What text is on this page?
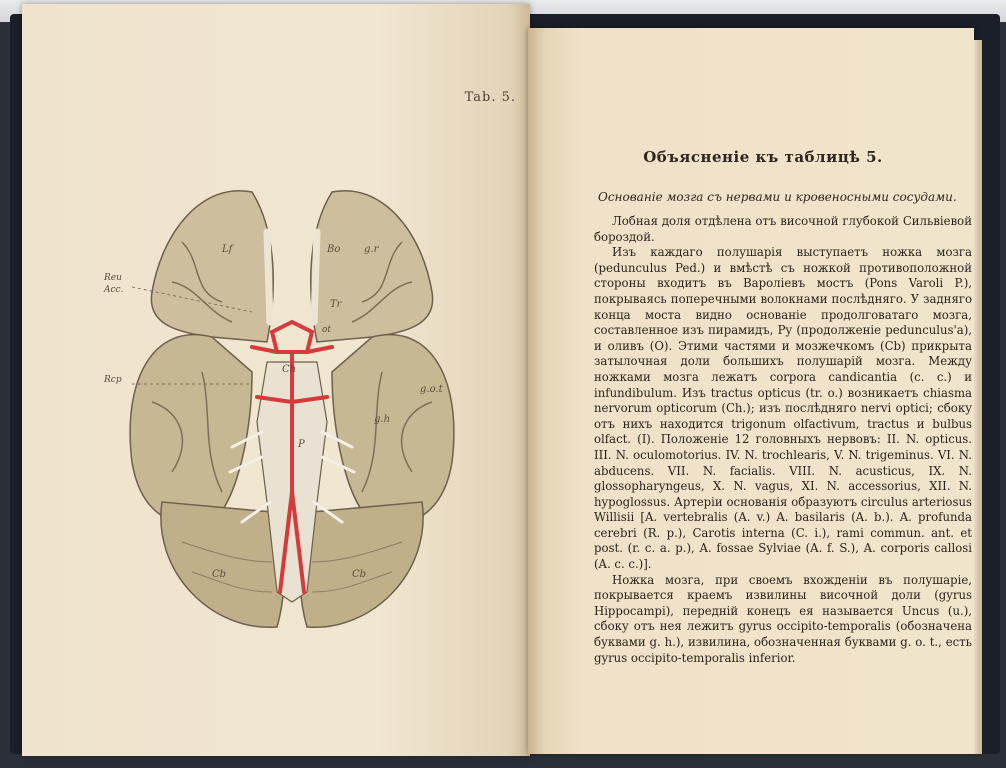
Tab. 5.
Lf	Bo g.r
Tr
ot
Ch
P
g.h
g.o.t
Cb	Cb
Reu
Acc.
Rcp
Объясненіе къ таблицѣ 5.
Основаніе мозга съ нервами и кровеносными сосудами.

Лобная доля отдѣлена отъ височной глубокой Сильвіевой бороздой.

Изъ каждаго полушарія выступаетъ ножка мозга (pedunculus Ped.) и вмѣстѣ съ ножкой противоположной стороны входитъ въ Варолiевъ мостъ (Pons Varoli P.), покрываясь поперечными волокнами послѣдняго. У задняго конца моста видно основаніе продолговатаго мозга, составленное изъ пирамидъ, Py (продолженіе pedunculus'a), и оливъ (O). Этими частями и мозжечкомъ (Cb) прикрыта затылочная доли большихъ полушарій мозга. Между ножками мозга лежатъ corpora candicantia (c. c.) и infundibulum. Изъ tractus opticus (tr. o.) возникаетъ chiasma nervorum opticorum (Ch.); изъ послѣдняго nervi optici; сбоку отъ нихъ находится trigonum olfactivum, tractus и bulbus olfact. (I). Положеніе 12 головныхъ нервовъ: II. N. opticus. III. N. oculomotorius. IV. N. trochlearis, V. N. trigeminus. VI. N. abducens. VII. N. facialis. VIII. N. acusticus, IX. N. glossopharyngeus, X. N. vagus, XI. N. accessorius, XII. N. hypoglossus. Артеріи основанія образуютъ circulus arteriosus Willisii [A. vertebralis (A. v.) A. basilaris (A. b.). A. profunda cerebri (R. p.), Carotis interna (C. i.), rami commun. ant. et post. (r. c. a. p.), A. fossae Sylviae (A. f. S.), A. corporis callosi (A. c. c.)].

Ножка мозга, при своемъ вхожденіи въ полушаріе, покрывается краемъ извилины височной доли (gyrus Hippocampi), передній конецъ ея называется Uncus (u.), сбоку отъ нея лежитъ gyrus occipito-temporalis (обозначена буквами g. h.), извилина, обозначенная буквами g. o. t., есть gyrus occipito-temporalis inferior.
